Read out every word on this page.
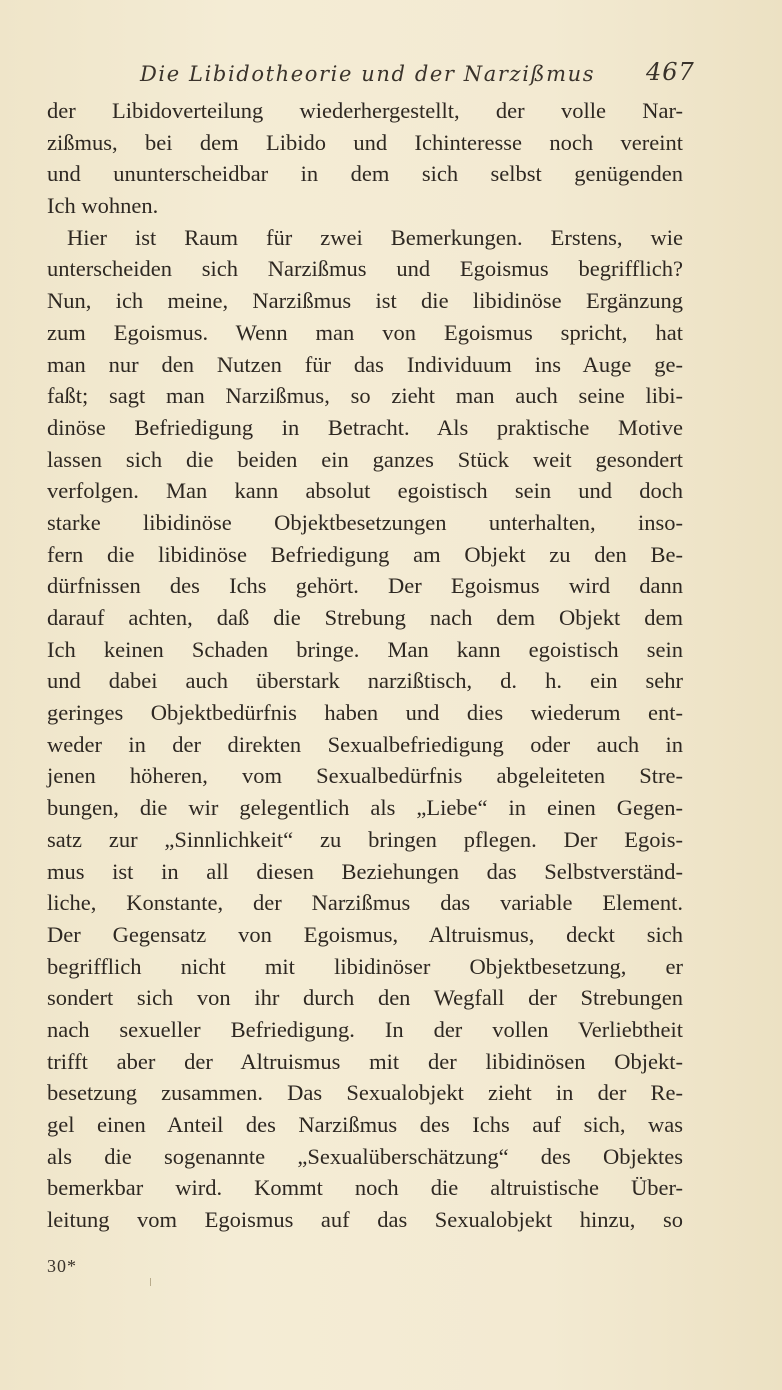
Die Libidotheorie und der Narzißmus 467
der Libidoverteilung wiederhergestellt, der volle Nar-
zißmus, bei dem Libido und Ichinteresse noch vereint
und ununterscheidbar in dem sich selbst genügenden
Ich wohnen.
Hier ist Raum für zwei Bemerkungen. Erstens, wie
unterscheiden sich Narzißmus und Egoismus begrifflich?
Nun, ich meine, Narzißmus ist die libidinöse Ergänzung
zum Egoismus. Wenn man von Egoismus spricht, hat
man nur den Nutzen für das Individuum ins Auge ge-
faßt; sagt man Narzißmus, so zieht man auch seine libi-
dinöse Befriedigung in Betracht. Als praktische Motive
lassen sich die beiden ein ganzes Stück weit gesondert
verfolgen. Man kann absolut egoistisch sein und doch
starke libidinöse Objektbesetzungen unterhalten, inso-
fern die libidinöse Befriedigung am Objekt zu den Be-
dürfnissen des Ichs gehört. Der Egoismus wird dann
darauf achten, daß die Strebung nach dem Objekt dem
Ich keinen Schaden bringe. Man kann egoistisch sein
und dabei auch überstark narzißtisch, d. h. ein sehr
geringes Objektbedürfnis haben und dies wiederum ent-
weder in der direkten Sexualbefriedigung oder auch in
jenen höheren, vom Sexualbedürfnis abgeleiteten Stre-
bungen, die wir gelegentlich als „Liebe“ in einen Gegen-
satz zur „Sinnlichkeit“ zu bringen pflegen. Der Egois-
mus ist in all diesen Beziehungen das Selbstverständ-
liche, Konstante, der Narzißmus das variable Element.
Der Gegensatz von Egoismus, Altruismus, deckt sich
begrifflich nicht mit libidinöser Objektbesetzung, er
sondert sich von ihr durch den Wegfall der Strebungen
nach sexueller Befriedigung. In der vollen Verliebtheit
trifft aber der Altruismus mit der libidinösen Objekt-
besetzung zusammen. Das Sexualobjekt zieht in der Re-
gel einen Anteil des Narzißmus des Ichs auf sich, was
als die sogenannte „Sexualüberschätzung“ des Objektes
bemerkbar wird. Kommt noch die altruistische Über-
leitung vom Egoismus auf das Sexualobjekt hinzu, so
30*
